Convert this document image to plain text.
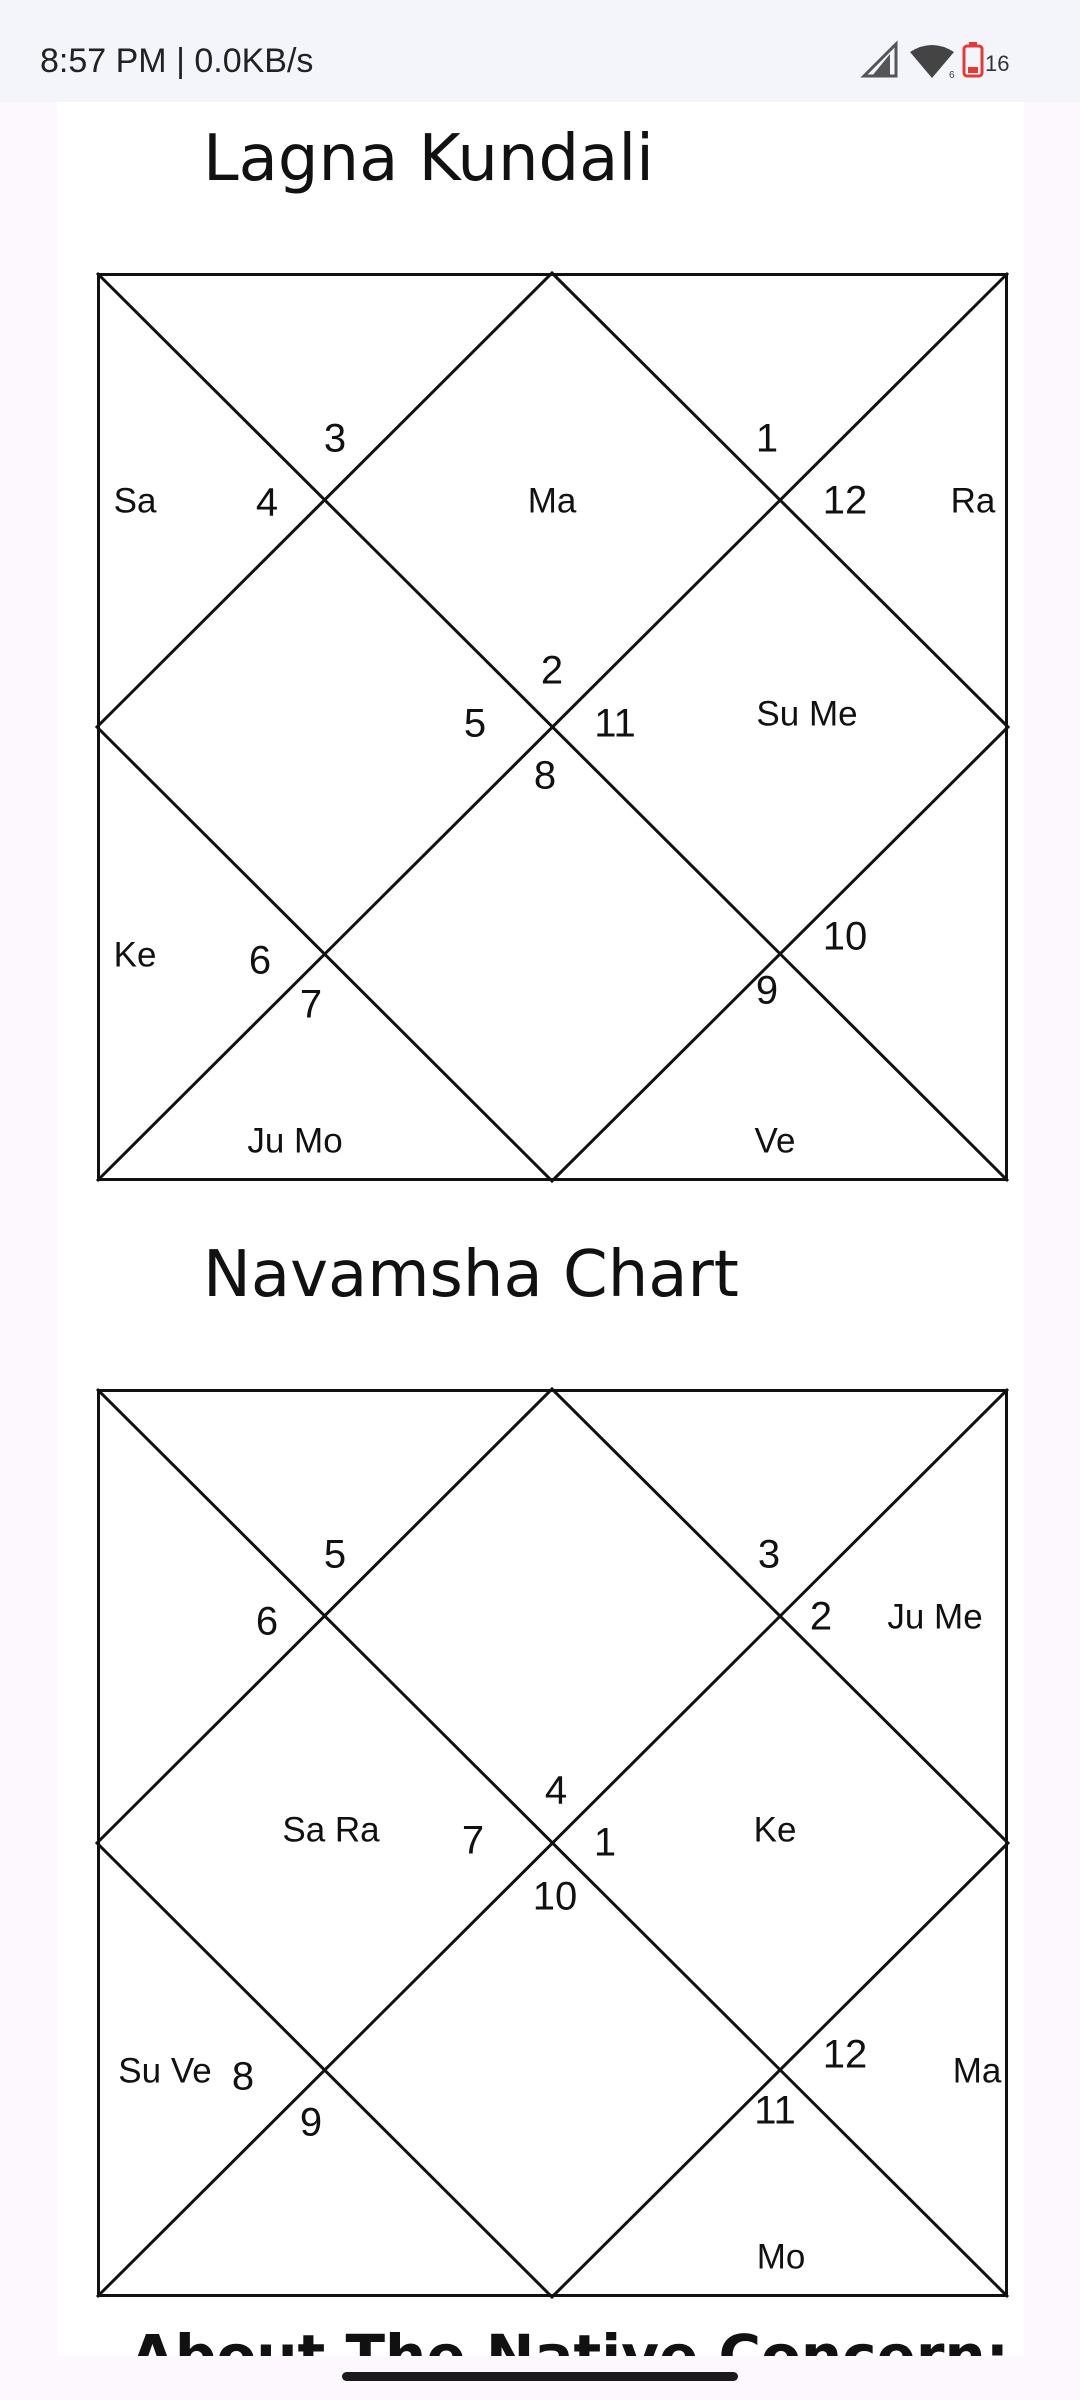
8:57 PM | 0.0KB/s	6 16
Lagna Kundali
2
3
4
5
6
7
8
9
10
11
12
1
Ma
Sa	Ra
Su Me
Ke
Ju Mo	Ve
Navamsha Chart
4
5
6
7
8
9
10
11
12
1
2
3
Sa Ra
Ju Me
Ke
Su Ve	Ma
Mo
